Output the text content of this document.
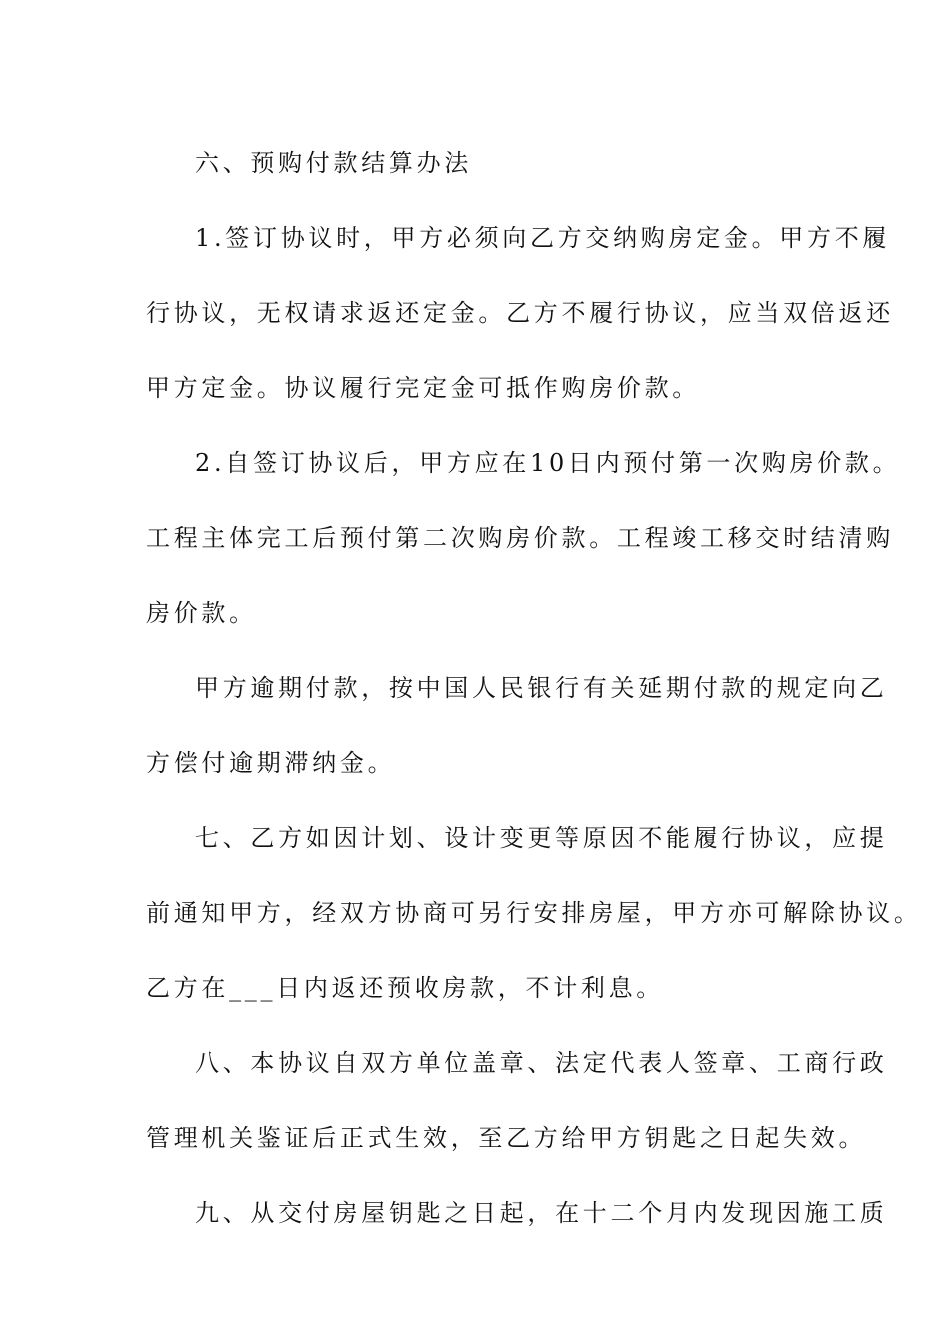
六、预购付款结算办法
1.签订协议时，甲方必须向乙方交纳购房定金。甲方不履
行协议，无权请求返还定金。乙方不履行协议，应当双倍返还
甲方定金。协议履行完定金可抵作购房价款。
2.自签订协议后，甲方应在10日内预付第一次购房价款。
工程主体完工后预付第二次购房价款。工程竣工移交时结清购
房价款。
甲方逾期付款，按中国人民银行有关延期付款的规定向乙
方偿付逾期滞纳金。
七、乙方如因计划、设计变更等原因不能履行协议，应提
前通知甲方，经双方协商可另行安排房屋，甲方亦可解除协议。
乙方在___日内返还预收房款，不计利息。
八、本协议自双方单位盖章、法定代表人签章、工商行政
管理机关鉴证后正式生效，至乙方给甲方钥匙之日起失效。
九、从交付房屋钥匙之日起，在十二个月内发现因施工质
